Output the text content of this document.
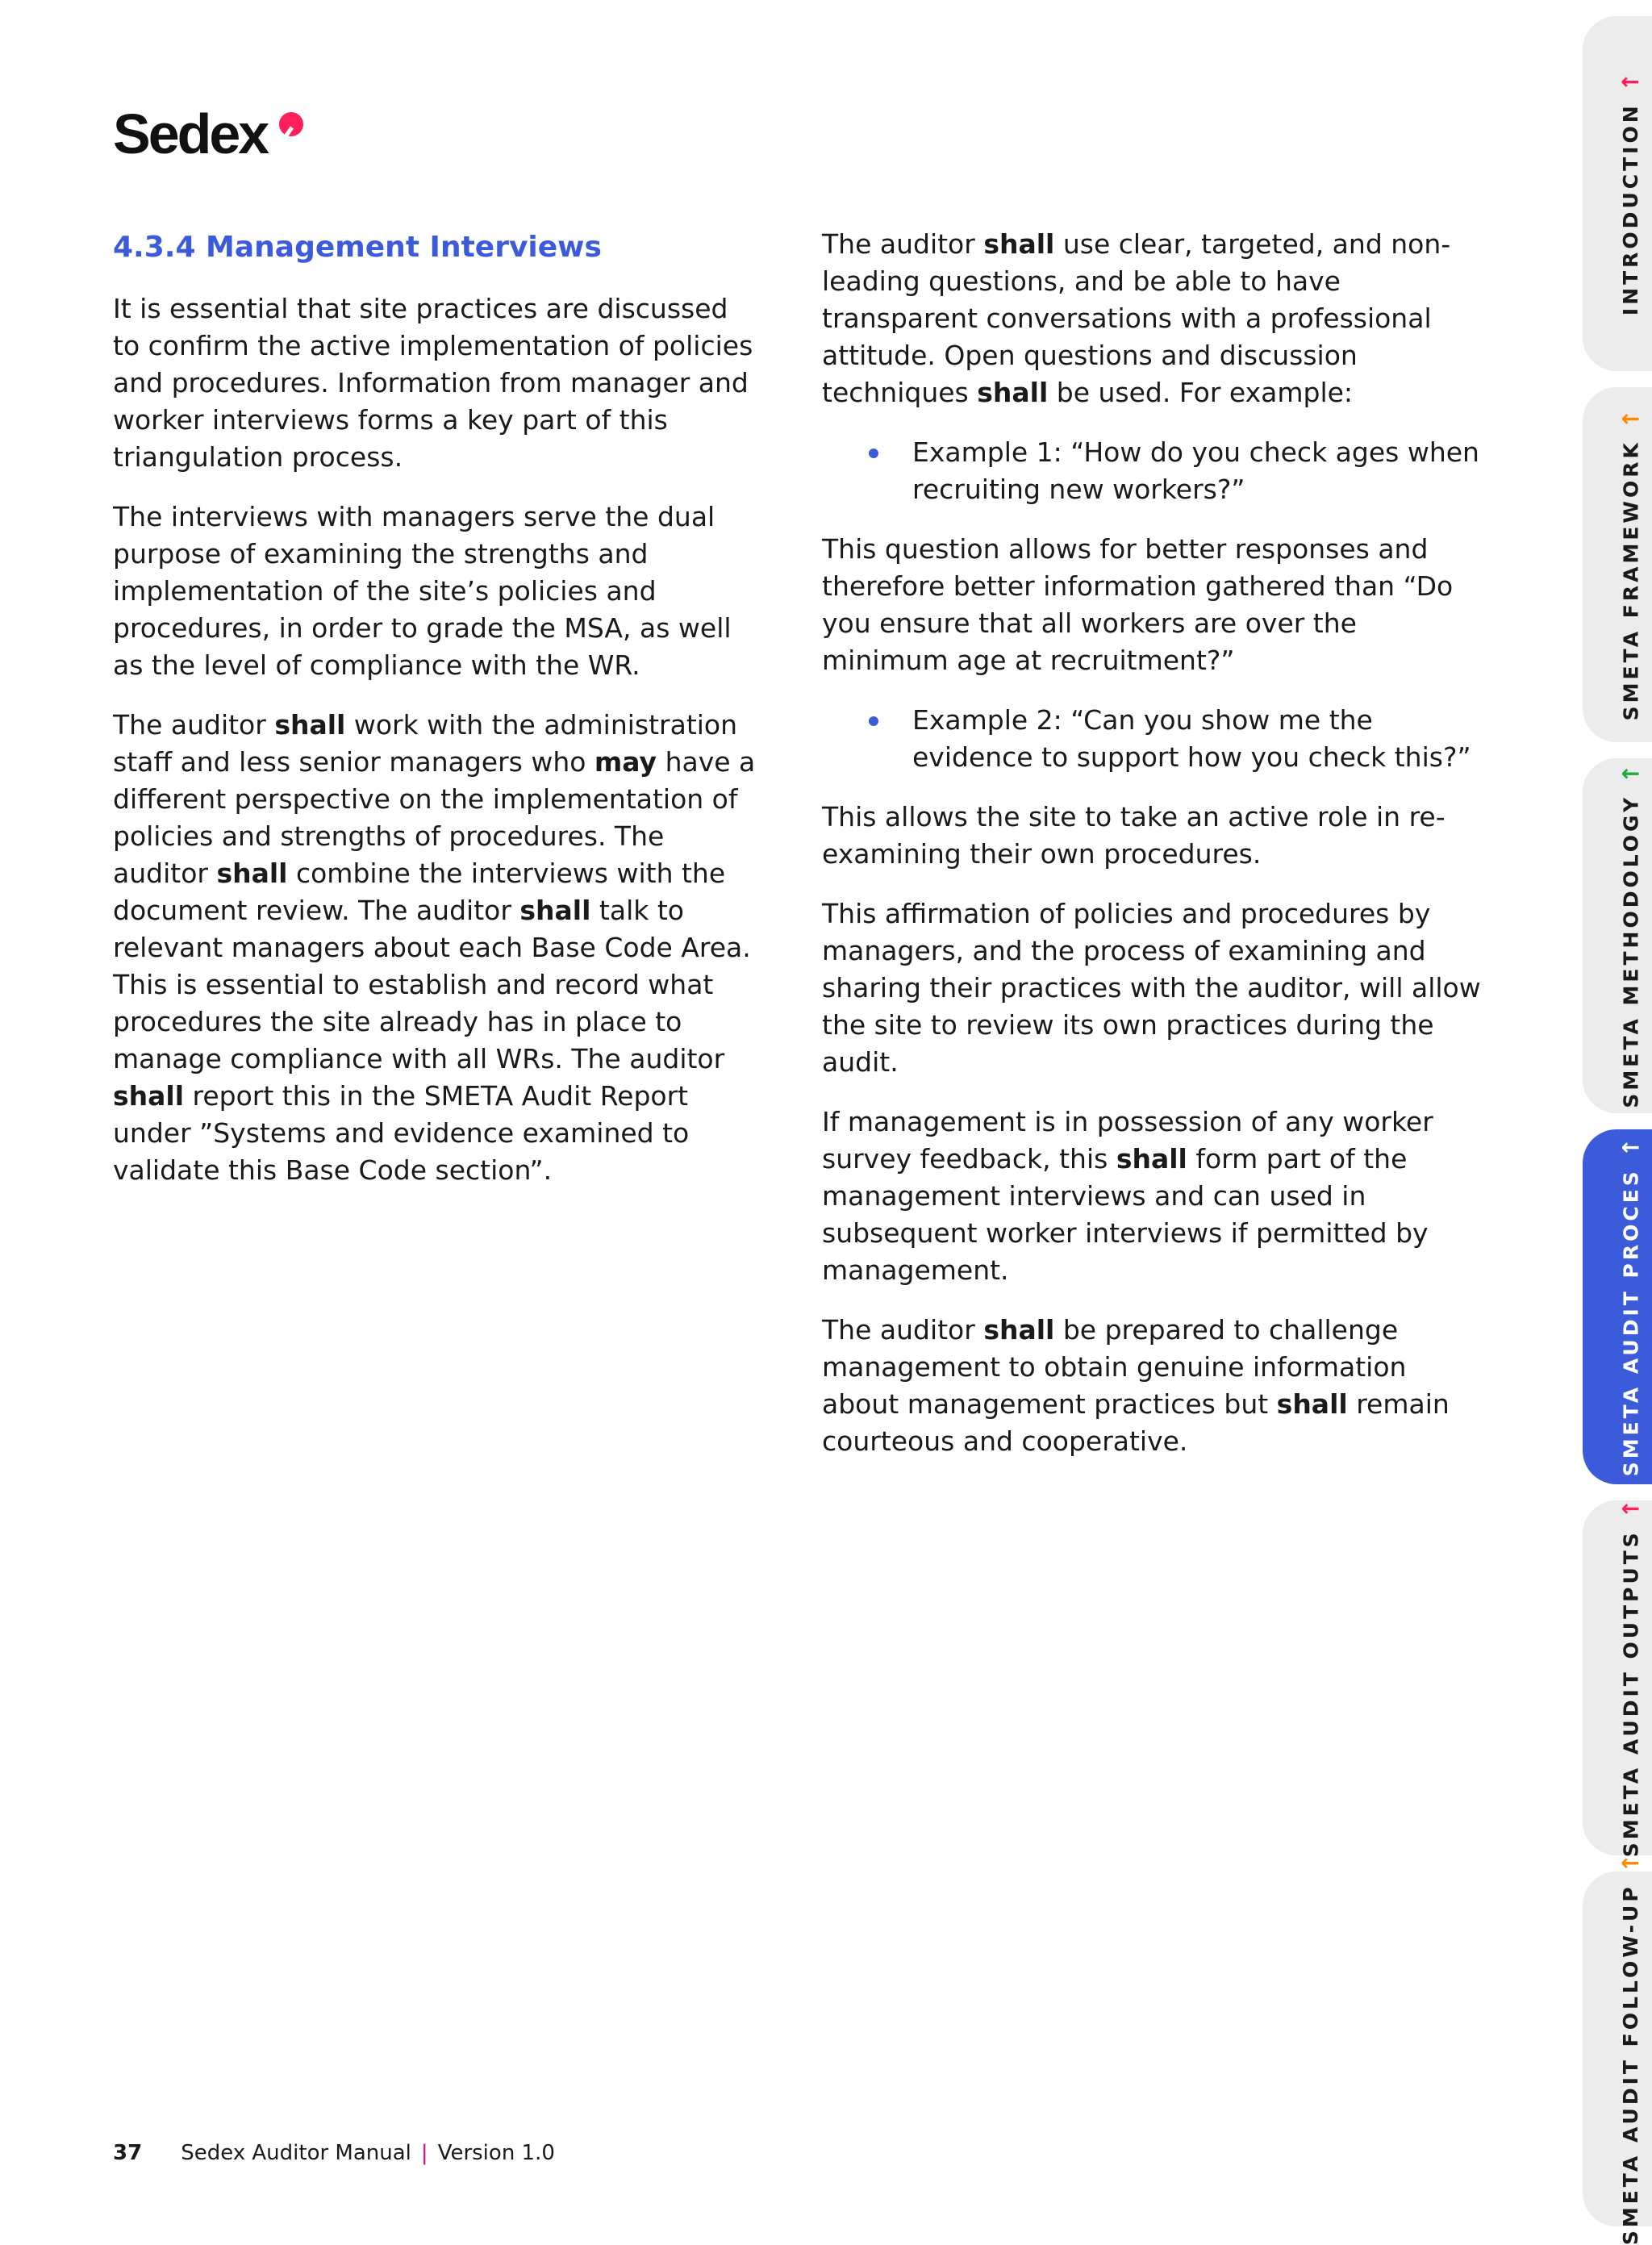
Sedex
4.3.4 Management Interviews

It is essential that site practices are discussed to confirm the active implementation of policies and procedures. Information from manager and worker interviews forms a key part of this triangulation process.

The interviews with managers serve the dual purpose of examining the strengths and implementation of the site’s policies and procedures, in order to grade the MSA, as well as the level of compliance with the WR.

The auditor shall work with the administration staff and less senior managers who may have a different perspective on the implementation of policies and strengths of procedures. The auditor shall combine the interviews with the document review. The auditor shall talk to relevant managers about each Base Code Area. This is essential to establish and record what procedures the site already has in place to manage compliance with all WRs. The auditor shall report this in the SMETA Audit Report under ”Systems and evidence examined to validate this Base Code section”.

The auditor shall use clear, targeted, and non-leading questions, and be able to have transparent conversations with a professional attitude. Open questions and discussion techniques shall be used. For example:

Example 1: “How do you check ages when recruiting new workers?”

This question allows for better responses and therefore better information gathered than “Do you ensure that all workers are over the minimum age at recruitment?”

Example 2: “Can you show me the evidence to support how you check this?”

This allows the site to take an active role in re-examining their own procedures.

This affirmation of policies and procedures by managers, and the process of examining and sharing their practices with the auditor, will allow the site to review its own practices during the audit.

If management is in possession of any worker survey feedback, this shall form part of the management interviews and can used in subsequent worker interviews if permitted by management.

The auditor shall be prepared to challenge management to obtain genuine information about management practices but shall remain courteous and cooperative.

37 Sedex Auditor Manual | Version 1.0
INTRODUCTION
↑
SMETA FRAMEWORK
↑
SMETA METHODOLOGY
↑
SMETA AUDIT PROCES
↑
SMETA AUDIT OUTPUTS
↑
SMETA AUDIT FOLLOW-UP
↑
